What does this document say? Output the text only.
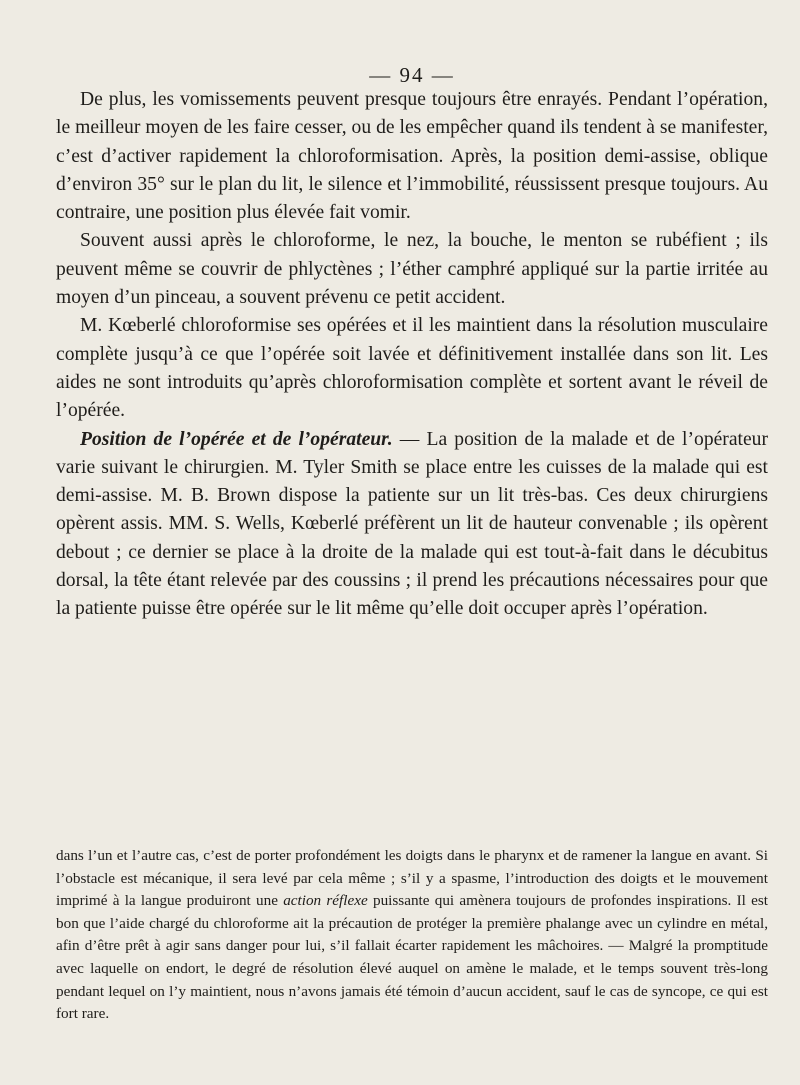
— 94 —

De plus, les vomissements peuvent presque toujours être enrayés. Pendant l’opération, le meilleur moyen de les faire cesser, ou de les empêcher quand ils tendent à se manifester, c’est d’activer rapidement la chloroformisation. Après, la position demi-assise, oblique d’environ 35° sur le plan du lit, le silence et l’immobilité, réussissent presque toujours. Au contraire, une position plus élevée fait vomir.

Souvent aussi après le chloroforme, le nez, la bouche, le menton se rubéfient ; ils peuvent même se couvrir de phlyctènes ; l’éther camphré appliqué sur la partie irritée au moyen d’un pinceau, a souvent prévenu ce petit accident.

M. Kœberlé chloroformise ses opérées et il les maintient dans la résolution musculaire complète jusqu’à ce que l’opérée soit lavée et définitivement installée dans son lit. Les aides ne sont introduits qu’après chloroformisation complète et sortent avant le réveil de l’opérée.

Position de l’opérée et de l’opérateur. — La position de la malade et de l’opérateur varie suivant le chirurgien. M. Tyler Smith se place entre les cuisses de la malade qui est demi-assise. M. B. Brown dispose la patiente sur un lit très-bas. Ces deux chirurgiens opèrent assis. MM. S. Wells, Kœberlé préfèrent un lit de hauteur convenable ; ils opèrent debout ; ce dernier se place à la droite de la malade qui est tout-à-fait dans le décubitus dorsal, la tête étant relevée par des coussins ; il prend les précautions nécessaires pour que la patiente puisse être opérée sur le lit même qu’elle doit occuper après l’opération.

dans l’un et l’autre cas, c’est de porter profondément les doigts dans le pharynx et de ramener la langue en avant. Si l’obstacle est mécanique, il sera levé par cela même ; s’il y a spasme, l’introduction des doigts et le mouvement imprimé à la langue produiront une action réflexe puissante qui amènera toujours de profondes inspirations. Il est bon que l’aide chargé du chloroforme ait la précaution de protéger la première phalange avec un cylindre en métal, afin d’être prêt à agir sans danger pour lui, s’il fallait écarter rapidement les mâchoires. — Malgré la promptitude avec laquelle on endort, le degré de résolution élevé auquel on amène le malade, et le temps souvent très-long pendant lequel on l’y maintient, nous n’avons jamais été témoin d’aucun accident, sauf le cas de syncope, ce qui est fort rare.
